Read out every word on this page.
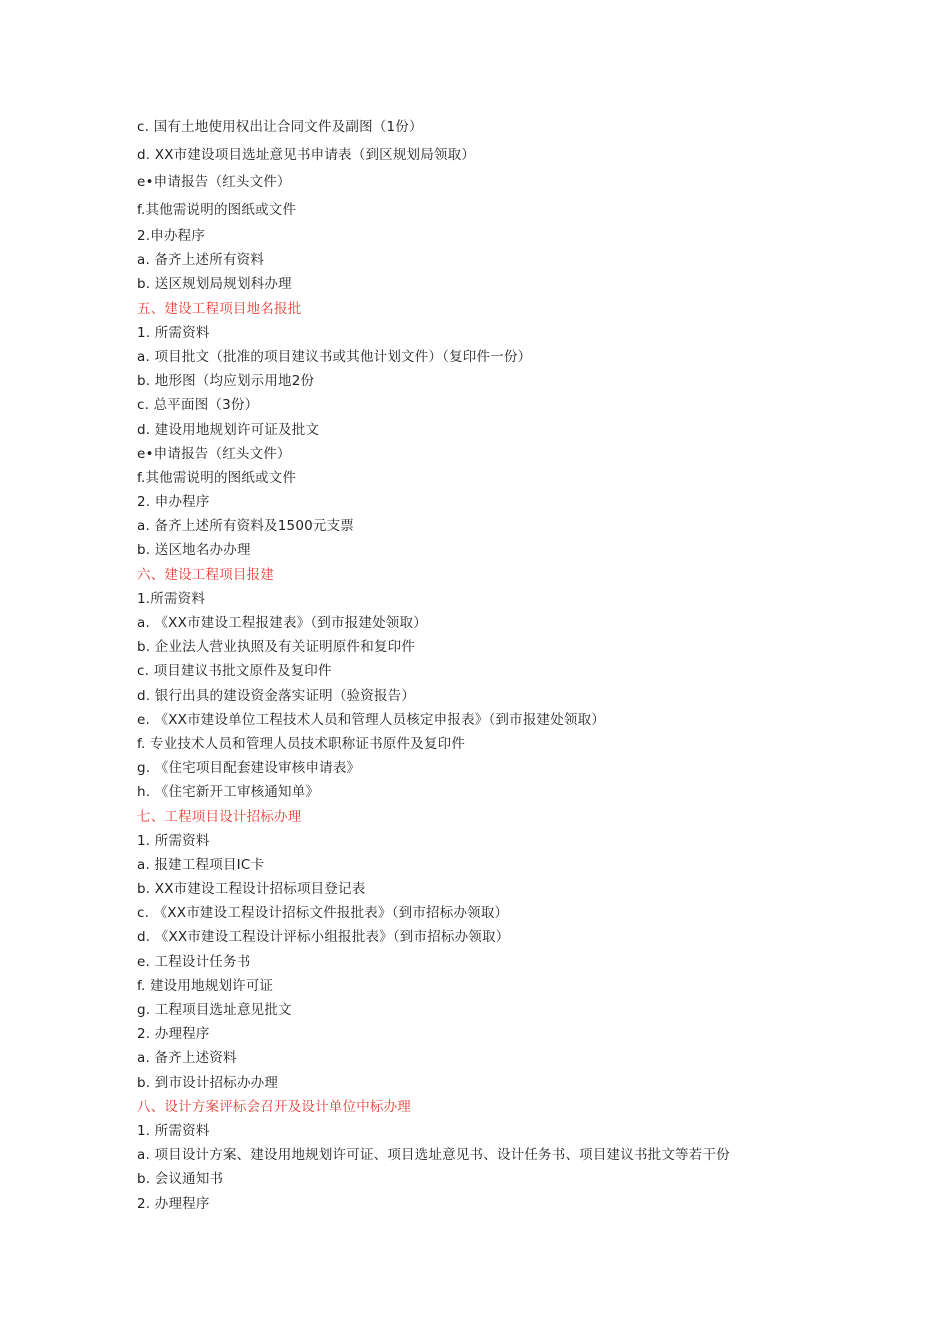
c. 国有土地使用权出让合同文件及副图（1份）
d. XX市建设项目选址意见书申请表（到区规划局领取）
e•申请报告（红头文件）
f.其他需说明的图纸或文件
2.申办程序
a. 备齐上述所有资料
b. 送区规划局规划科办理
五、建设工程项目地名报批
1. 所需资料
a. 项目批文（批准的项目建议书或其他计划文件）（复印件一份）
b. 地形图（均应划示用地2份
c. 总平面图（3份）
d. 建设用地规划许可证及批文
e•申请报告（红头文件）
f.其他需说明的图纸或文件
2. 申办程序
a. 备齐上述所有资料及1500元支票
b. 送区地名办办理
六、建设工程项目报建
1.所需资料
a. 《XX市建设工程报建表》（到市报建处领取）
b. 企业法人营业执照及有关证明原件和复印件
c. 项目建议书批文原件及复印件
d. 银行出具的建设资金落实证明（验资报告）
e. 《XX市建设单位工程技术人员和管理人员核定申报表》（到市报建处领取）
f. 专业技术人员和管理人员技术职称证书原件及复印件
g. 《住宅项目配套建设审核申请表》
h. 《住宅新开工审核通知单》
七、工程项目设计招标办理
1. 所需资料
a. 报建工程项目IC卡
b. XX市建设工程设计招标项目登记表
c. 《XX市建设工程设计招标文件报批表》（到市招标办领取）
d. 《XX市建设工程设计评标小组报批表》（到市招标办领取）
e. 工程设计任务书
f. 建设用地规划许可证
g. 工程项目选址意见批文
2. 办理程序
a. 备齐上述资料
b. 到市设计招标办办理
八、设计方案评标会召开及设计单位中标办理
1. 所需资料
a. 项目设计方案、建设用地规划许可证、项目选址意见书、设计任务书、项目建议书批文等若干份
b. 会议通知书
2. 办理程序
